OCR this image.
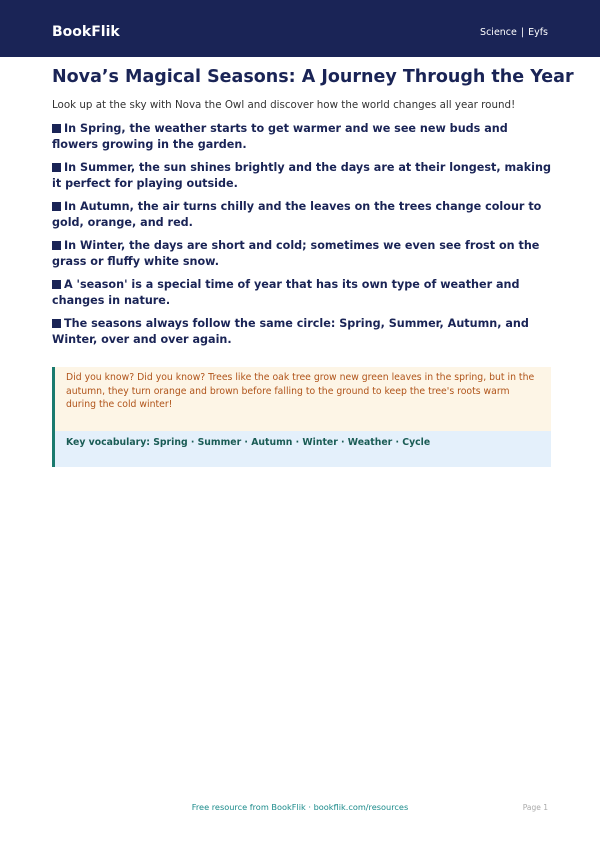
BookFlik	Science | Eyfs
Nova’s Magical Seasons: A Journey Through the Year

Look up at the sky with Nova the Owl and discover how the world changes all year round!

In Spring, the weather starts to get warmer and we see new buds and flowers growing in the garden.
In Summer, the sun shines brightly and the days are at their longest, making it perfect for playing outside.
In Autumn, the air turns chilly and the leaves on the trees change colour to gold, orange, and red.
In Winter, the days are short and cold; sometimes we even see frost on the grass or fluffy white snow.
A 'season' is a special time of year that has its own type of weather and changes in nature.
The seasons always follow the same circle: Spring, Summer, Autumn, and Winter, over and over again.

Did you know? Did you know? Trees like the oak tree grow new green leaves in the spring, but in the autumn, they turn orange and brown before falling to the ground to keep the tree's roots warm during the cold winter!

Key vocabulary: Spring · Summer · Autumn · Winter · Weather · Cycle

Free resource from BookFlik · bookflik.com/resources	Page 1
